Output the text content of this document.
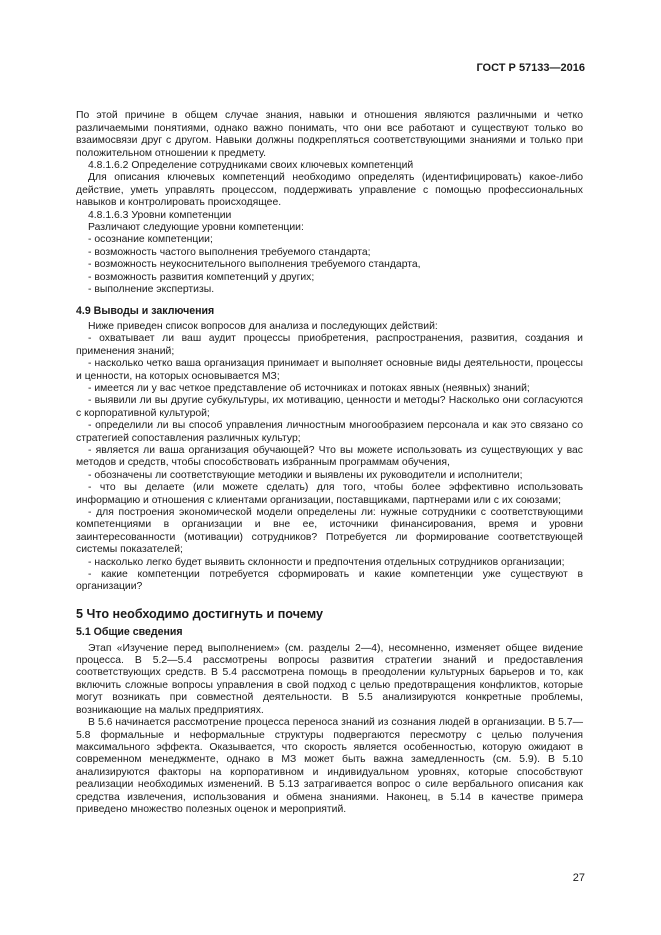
ГОСТ Р 57133—2016

По этой причине в общем случае знания, навыки и отношения являются различными и четко различаемыми понятиями, однако важно понимать, что они все работают и существуют только во взаимосвязи друг с другом. Навыки должны подкрепляться соответствующими знаниями и только при положительном отношении к предмету.

4.8.1.6.2 Определение сотрудниками своих ключевых компетенций

Для описания ключевых компетенций необходимо определять (идентифицировать) какое-либо действие, уметь управлять процессом, поддерживать управление с помощью профессиональных навыков и контролировать происходящее.

4.8.1.6.3 Уровни компетенции
Различают следующие уровни компетенции:
- осознание компетенции;
- возможность частого выполнения требуемого стандарта;
- возможность неукоснительного выполнения требуемого стандарта,
- возможность развития компетенций у других;
- выполнение экспертизы.
4.9 Выводы и заключения
Ниже приведен список вопросов для анализа и последующих действий:

- охватывает ли ваш аудит процессы приобретения, распространения, развития, создания и применения знаний;

- насколько четко ваша организация принимает и выполняет основные виды деятельности, процессы и ценности, на которых основывается МЗ;

- имеется ли у вас четкое представление об источниках и потоках явных (неявных) знаний;

- выявили ли вы другие субкультуры, их мотивацию, ценности и методы? Насколько они согласуются с корпоративной культурой;

- определили ли вы способ управления личностным многообразием персонала и как это связано со стратегией сопоставления различных культур;

- является ли ваша организация обучающей? Что вы можете использовать из существующих у вас методов и средств, чтобы способствовать избранным программам обучения,

- обозначены ли соответствующие методики и выявлены их руководители и исполнители;

- что вы делаете (или можете сделать) для того, чтобы более эффективно использовать информацию и отношения с клиентами организации, поставщиками, партнерами или с их союзами;

- для построения экономической модели определены ли: нужные сотрудники с соответствующими компетенциями в организации и вне ее, источники финансирования, время и уровни заинтересованности (мотивации) сотрудников? Потребуется ли формирование соответствующей системы показателей;

- насколько легко будет выявить склонности и предпочтения отдельных сотрудников организации;

- какие компетенции потребуется сформировать и какие компетенции уже существуют в организации?

5 Что необходимо достигнуть и почему
5.1 Общие сведения

Этап «Изучение перед выполнением» (см. разделы 2—4), несомненно, изменяет общее видение процесса. В 5.2—5.4 рассмотрены вопросы развития стратегии знаний и предоставления соответствующих средств. В 5.4 рассмотрена помощь в преодолении культурных барьеров и то, как включить сложные вопросы управления в свой подход с целью предотвращения конфликтов, которые могут возникать при совместной деятельности. В 5.5 анализируются конкретные проблемы, возникающие на малых предприятиях.

В 5.6 начинается рассмотрение процесса переноса знаний из сознания людей в организации. В 5.7—5.8 формальные и неформальные структуры подвергаются пересмотру с целью получения максимального эффекта. Оказывается, что скорость является особенностью, которую ожидают в современном менеджменте, однако в МЗ может быть важна замедленность (см. 5.9). В 5.10 анализируются факторы на корпоративном и индивидуальном уровнях, которые способствуют реализации необходимых изменений. В 5.13 затрагивается вопрос о силе вербального описания как средства извлечения, использования и обмена знаниями. Наконец, в 5.14 в качестве примера приведено множество полезных оценок и мероприятий.

27
